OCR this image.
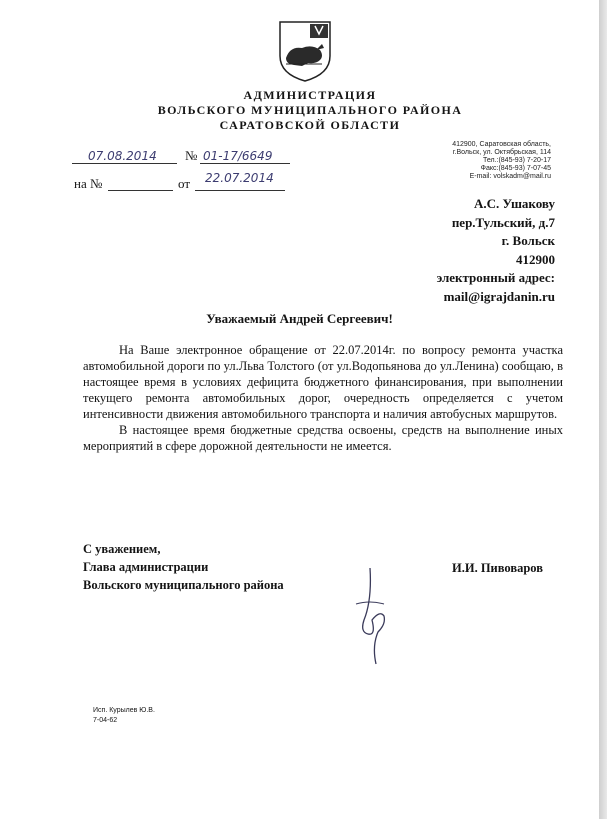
АДМИНИСТРАЦИЯ
ВОЛЬСКОГО МУНИЦИПАЛЬНОГО РАЙОНА
САРАТОВСКОЙ ОБЛАСТИ
07.08.2014 № 01-17/6649
на №	от 22.07.2014
412900, Саратовская область,
г.Вольск, ул. Октябрьская, 114
Тел.:(845-93) 7-20-17
Факс:(845-93) 7-07-45
E-mail: volskadm@mail.ru
А.С. Ушакову
пер.Тульский, д.7
г. Вольск
412900
электронный адрес:
mail@igrajdanin.ru
Уважаемый Андрей Сергеевич!

На Ваше электронное обращение от 22.07.2014г. по вопросу ремонта участка автомобильной дороги по ул.Льва Толстого (от ул.Водопьянова до ул.Ленина) сообщаю, в настоящее время в условиях дефицита бюджетного финансирования, при выполнении текущего ремонта автомобильных дорог, очередность определяется с учетом интенсивности движения автомобильного транспорта и наличия автобусных маршрутов.

В настоящее время бюджетные средства освоены, средств на выполнение иных мероприятий в сфере дорожной деятельности не имеется.

С уважением,
Глава администрации
Вольского муниципального района
И.И. Пивоваров
Исп. Курылев Ю.В.
7-04-62
